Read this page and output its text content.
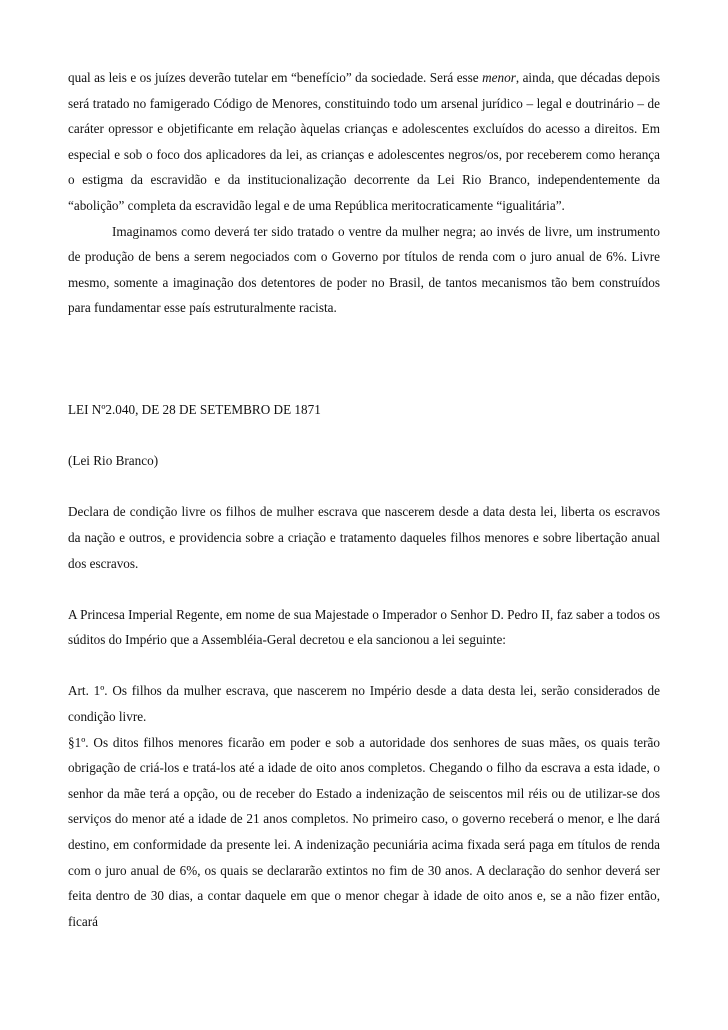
qual as leis e os juízes deverão tutelar em “benefício” da sociedade. Será esse menor, ainda, que décadas depois será tratado no famigerado Código de Menores, constituindo todo um arsenal jurídico – legal e doutrinário – de caráter opressor e objetificante em relação àquelas crianças e adolescentes excluídos do acesso a direitos. Em especial e sob o foco dos aplicadores da lei, as crianças e adolescentes negros/os, por receberem como herança o estigma da escravidão e da institucionalização decorrente da Lei Rio Branco, independentemente da “abolição” completa da escravidão legal e de uma República meritocraticamente “igualitária”.

Imaginamos como deverá ter sido tratado o ventre da mulher negra; ao invés de livre, um instrumento de produção de bens a serem negociados com o Governo por títulos de renda com o juro anual de 6%. Livre mesmo, somente a imaginação dos detentores de poder no Brasil, de tantos mecanismos tão bem construídos para fundamentar esse país estruturalmente racista.

LEI Nº2.040, DE 28 DE SETEMBRO DE 1871

(Lei Rio Branco)

Declara de condição livre os filhos de mulher escrava que nascerem desde a data desta lei, liberta os escravos da nação e outros, e providencia sobre a criação e tratamento daqueles filhos menores e sobre libertação anual dos escravos.

A Princesa Imperial Regente, em nome de sua Majestade o Imperador o Senhor D. Pedro II, faz saber a todos os súditos do Império que a Assembléia-Geral decretou e ela sancionou a lei seguinte:

Art. 1º. Os filhos da mulher escrava, que nascerem no Império desde a data desta lei, serão considerados de condição livre.

§1º. Os ditos filhos menores ficarão em poder e sob a autoridade dos senhores de suas mães, os quais terão obrigação de criá-los e tratá-los até a idade de oito anos completos. Chegando o filho da escrava a esta idade, o senhor da mãe terá a opção, ou de receber do Estado a indenização de seiscentos mil réis ou de utilizar-se dos serviços do menor até a idade de 21 anos completos. No primeiro caso, o governo receberá o menor, e lhe dará destino, em conformidade da presente lei. A indenização pecuniária acima fixada será paga em títulos de renda com o juro anual de 6%, os quais se declararão extintos no fim de 30 anos. A declaração do senhor deverá ser feita dentro de 30 dias, a contar daquele em que o menor chegar à idade de oito anos e, se a não fizer então, ficará
